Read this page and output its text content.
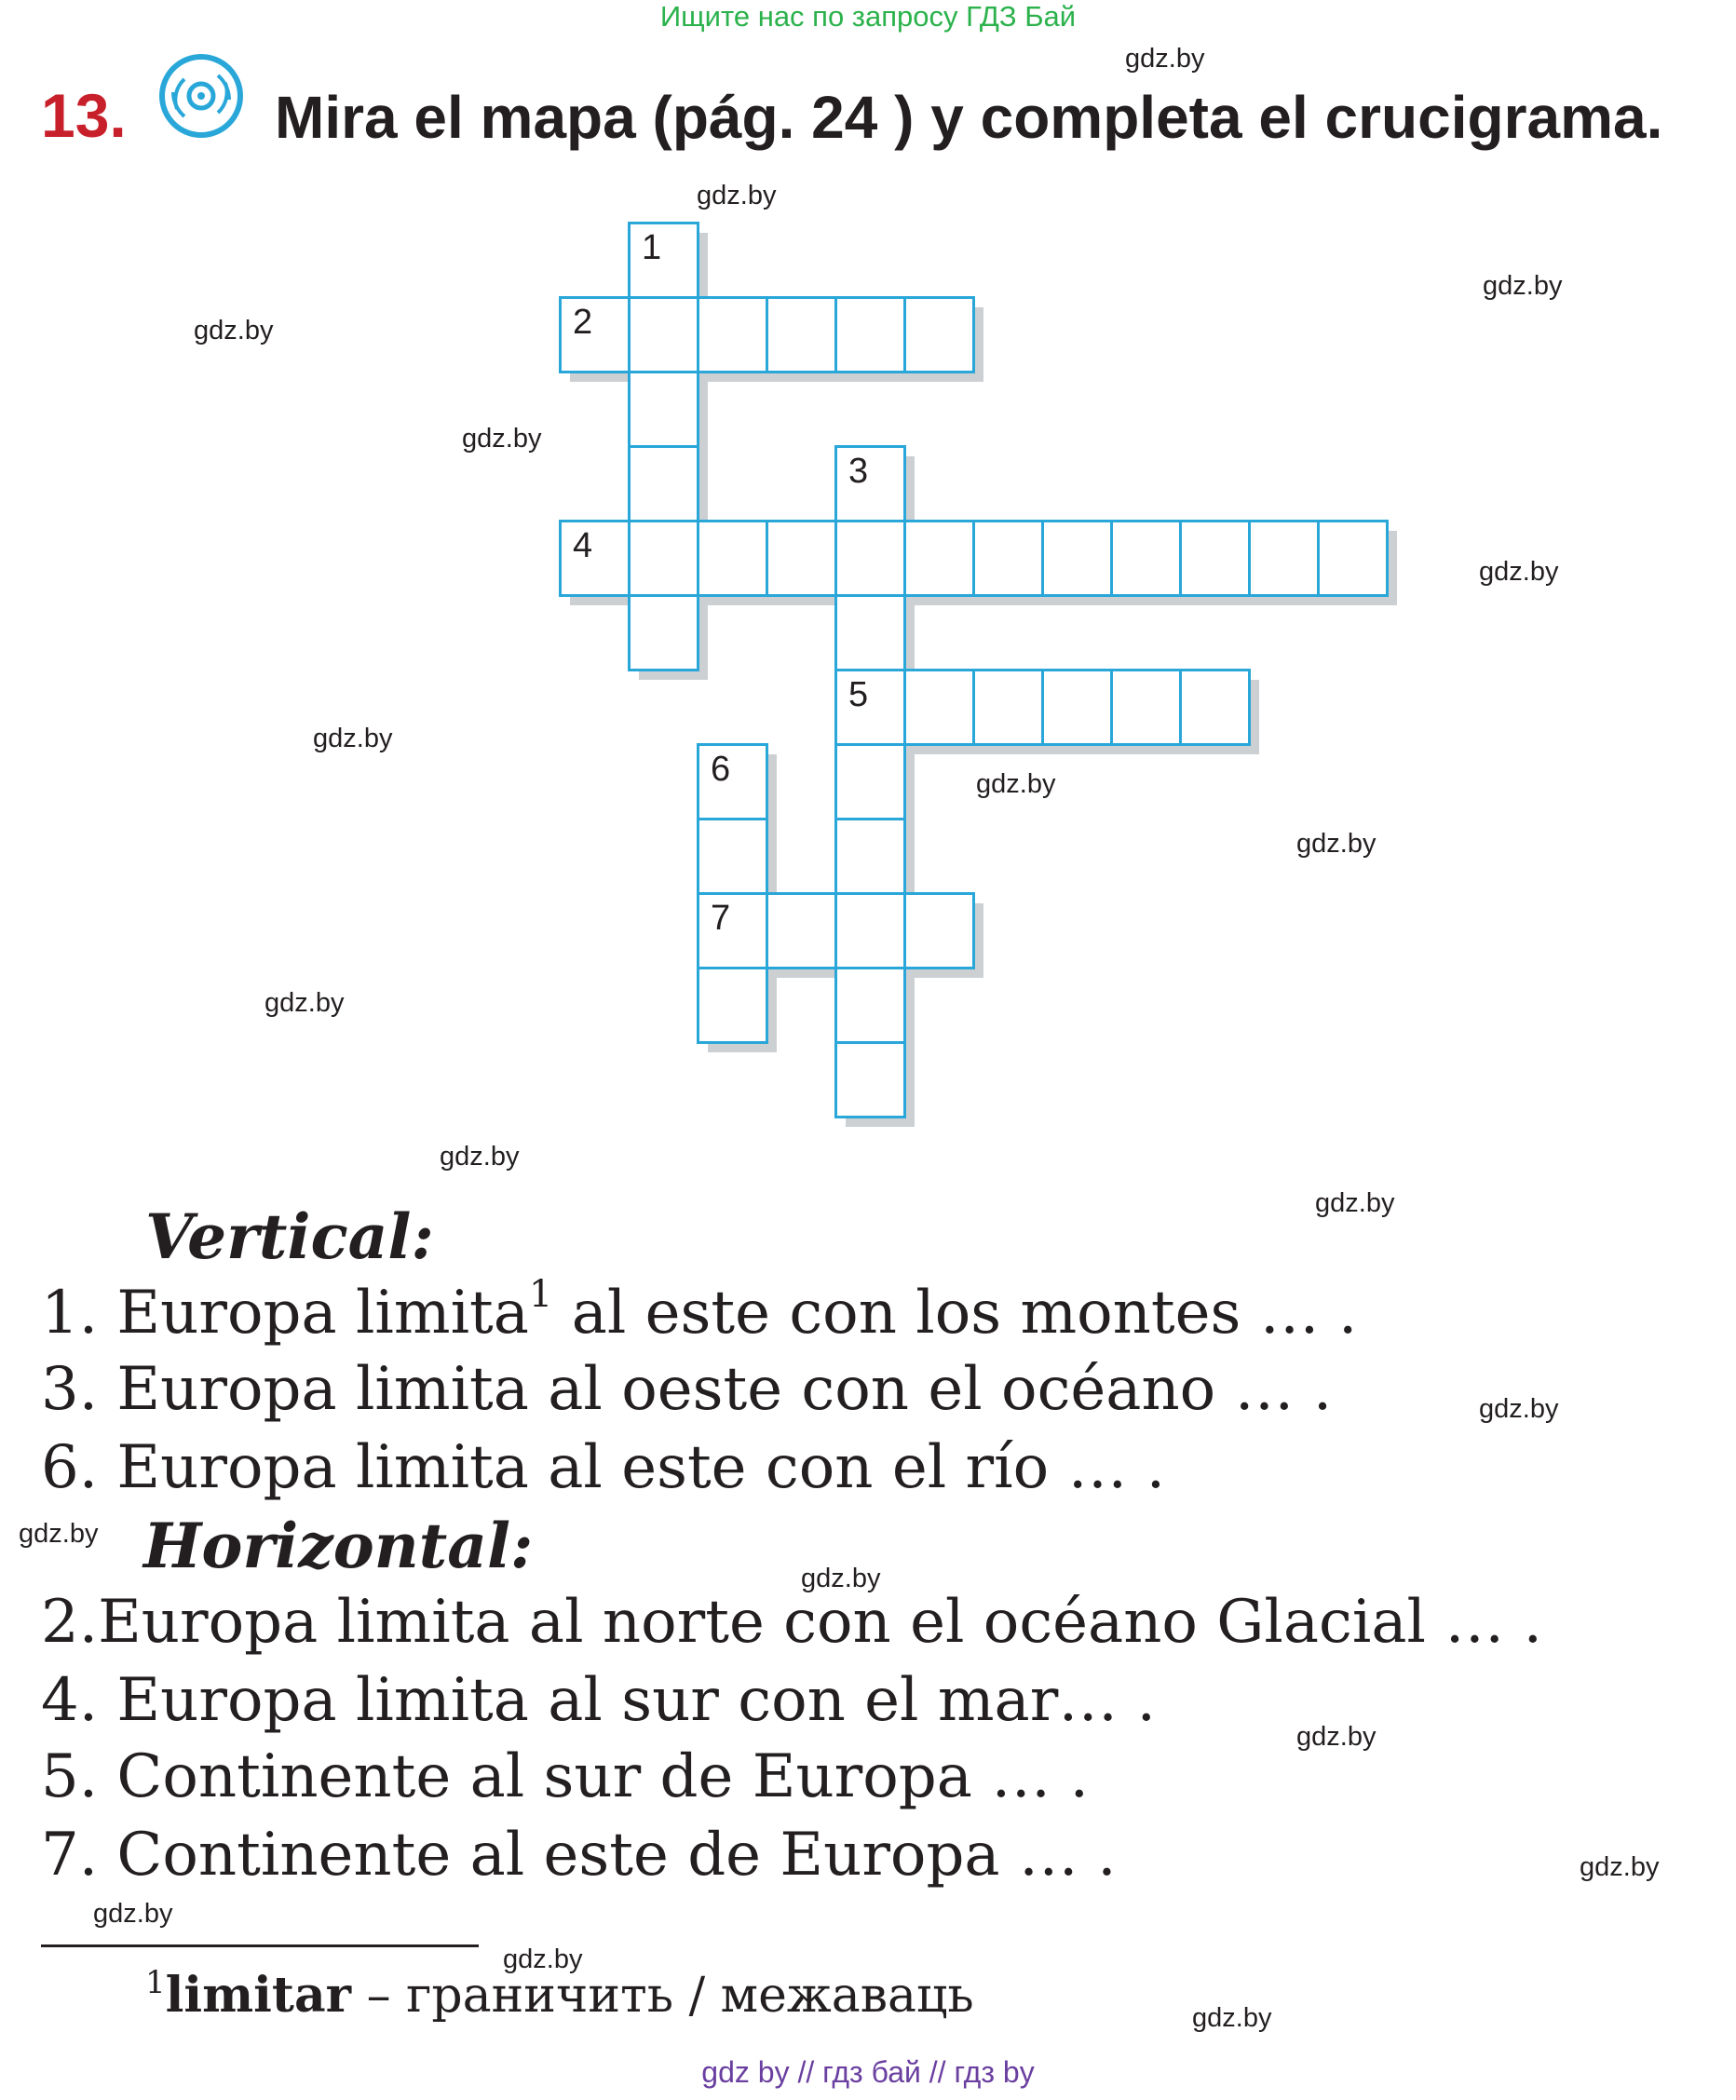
Ищите нас по запросу ГДЗ Бай
13. Mira el mapa (pág. 24 ) y completa el crucigrama.
1
2
3
4
5
6
7
Vertical:
1. Europa limita$^1$ al este con los montes … .
3. Europa limita al oeste con el océano … .
6. Europa limita al este con el río … .
Horizontal:
2.Europa limita al norte con el océano Glacial … .
4. Europa limita al sur con el mar… .
5. Continente al sur de Europa … .
7. Continente al este de Europa … .
$^1$limitar – граничить / межаваць
gdz.by
gdz.by
gdz.by
gdz.by
gdz.by
gdz.by
gdz.by
gdz.by
gdz.by
gdz.by
gdz.by
gdz.by
gdz.by
gdz.by
gdz.by
gdz.by
gdz.by
gdz.by
gdz.by
gdz.by
gdz by // гдз бай // гдз by
